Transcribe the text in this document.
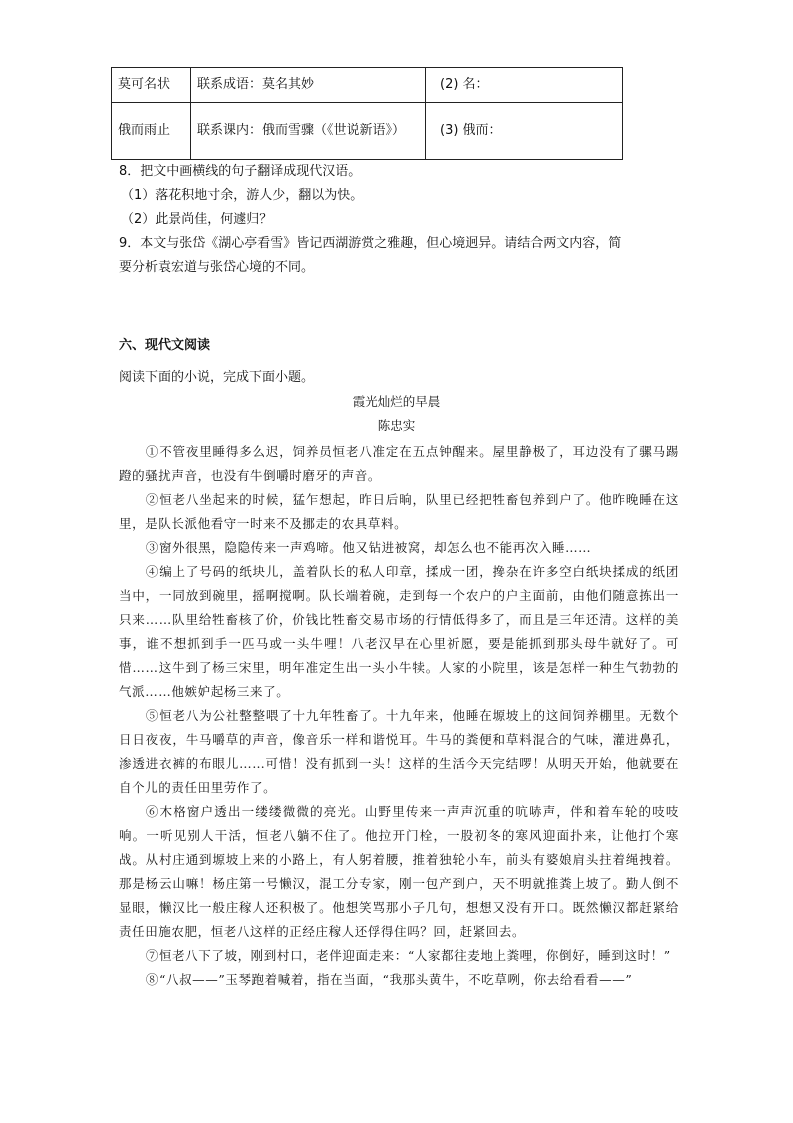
莫可名状	联系成语：莫名其妙	(2) 名：
俄而雨止	联系课内：俄而雪骤（《世说新语》）	(3) 俄而：
8．把文中画横线的句子翻译成现代汉语。
（1）落花积地寸余，游人少，翻以为快。
（2）此景尚佳，何遽归？
9．本文与张岱《湖心亭看雪》皆记西湖游赏之雅趣，但心境迥异。请结合两文内容，简
要分析袁宏道与张岱心境的不同。
六、现代文阅读
阅读下面的小说，完成下面小题。
霞光灿烂的早晨
陈忠实

①不管夜里睡得多么迟，饲养员恒老八准定在五点钟醒来。屋里静极了，耳边没有了骡马踢蹬的骚扰声音，也没有牛倒嚼时磨牙的声音。

②恒老八坐起来的时候，猛乍想起，昨日后晌，队里已经把牲畜包养到户了。他昨晚睡在这里，是队长派他看守一时来不及挪走的农具草料。

③窗外很黑，隐隐传来一声鸡啼。他又钻进被窝，却怎么也不能再次入睡……

④编上了号码的纸块儿，盖着队长的私人印章，揉成一团，搀杂在许多空白纸块揉成的纸团当中，一同放到碗里，摇啊搅啊。队长端着碗，走到每一个农户的户主面前，由他们随意拣出一只来……队里给牲畜核了价，价钱比牲畜交易市场的行情低得多了，而且是三年还清。这样的美事，谁不想抓到手一匹马或一头牛哩！八老汉早在心里祈愿，要是能抓到那头母牛就好了。可惜……这牛到了杨三宋里，明年准定生出一头小牛犊。人家的小院里，该是怎样一种生气勃勃的气派……他嫉妒起杨三来了。

⑤恒老八为公社整整喂了十九年牲畜了。十九年来，他睡在塬坡上的这间饲养棚里。无数个日日夜夜，牛马嚼草的声音，像音乐一样和谐悦耳。牛马的粪便和草料混合的气味，灌进鼻孔，渗透进衣裤的布眼儿……可惜！没有抓到一头！这样的生活今天完结啰！从明天开始，他就要在自个儿的责任田里劳作了。

⑥木格窗户透出一缕缕微微的亮光。山野里传来一声声沉重的吭哧声，伴和着车轮的吱吱响。一听见别人干活，恒老八躺不住了。他拉开门栓，一股初冬的寒风迎面扑来，让他打个寒战。从村庄通到塬坡上来的小路上，有人躬着腰，推着独轮小车，前头有婆娘肩头拄着绳拽着。那是杨云山嘛！杨庄第一号懒汉，混工分专家，刚一包产到户，天不明就推粪上坡了。勤人倒不显眼，懒汉比一般庄稼人还积极了。他想笑骂那小子几句，想想又没有开口。既然懒汉都赶紧给责任田施农肥，恒老八这样的正经庄稼人还俘得住吗？回，赶紧回去。

⑦恒老八下了坡，刚到村口，老伴迎面走来：“人家都往麦地上粪哩，你倒好，睡到这时！”

⑧“八叔——”玉琴跑着喊着，指在当面，“我那头黄牛，不吃草咧，你去给看看——”
